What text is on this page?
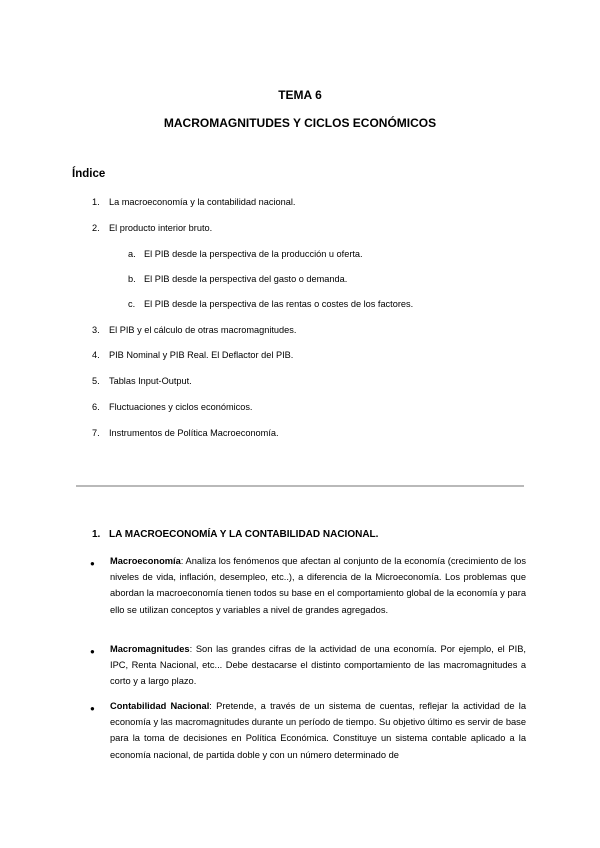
TEMA 6
MACROMAGNITUDES Y CICLOS ECONÓMICOS
Índice
1. La macroeconomía y la contabilidad nacional.
2. El producto interior bruto.
a. El PIB desde la perspectiva de la producción u oferta.
b. El PIB desde la perspectiva del gasto o demanda.
c. El PIB desde la perspectiva de las rentas o costes de los factores.
3. El PIB y el cálculo de otras macromagnitudes.
4. PIB Nominal y PIB Real. El Deflactor del PIB.
5. Tablas Input-Output.
6. Fluctuaciones y ciclos económicos.
7. Instrumentos de Política Macroeconomía.
1. LA MACROECONOMÍA Y LA CONTABILIDAD NACIONAL.
● Macroeconomía: Analiza los fenómenos que afectan al conjunto de la economía (crecimiento de los niveles de vida, inflación, desempleo, etc..), a diferencia de la Microeconomía. Los problemas que abordan la macroeconomía tienen todos su base en el comportamiento global de la economía y para ello se utilizan conceptos y variables a nivel de grandes agregados.
● Macromagnitudes: Son las grandes cifras de la actividad de una economía. Por ejemplo, el PIB, IPC, Renta Nacional, etc... Debe destacarse el distinto comportamiento de las macromagnitudes a corto y a largo plazo.
● Contabilidad Nacional: Pretende, a través de un sistema de cuentas, reflejar la actividad de la economía y las macromagnitudes durante un período de tiempo. Su objetivo último es servir de base para la toma de decisiones en Política Económica. Constituye un sistema contable aplicado a la economía nacional, de partida doble y con un número determinado de
